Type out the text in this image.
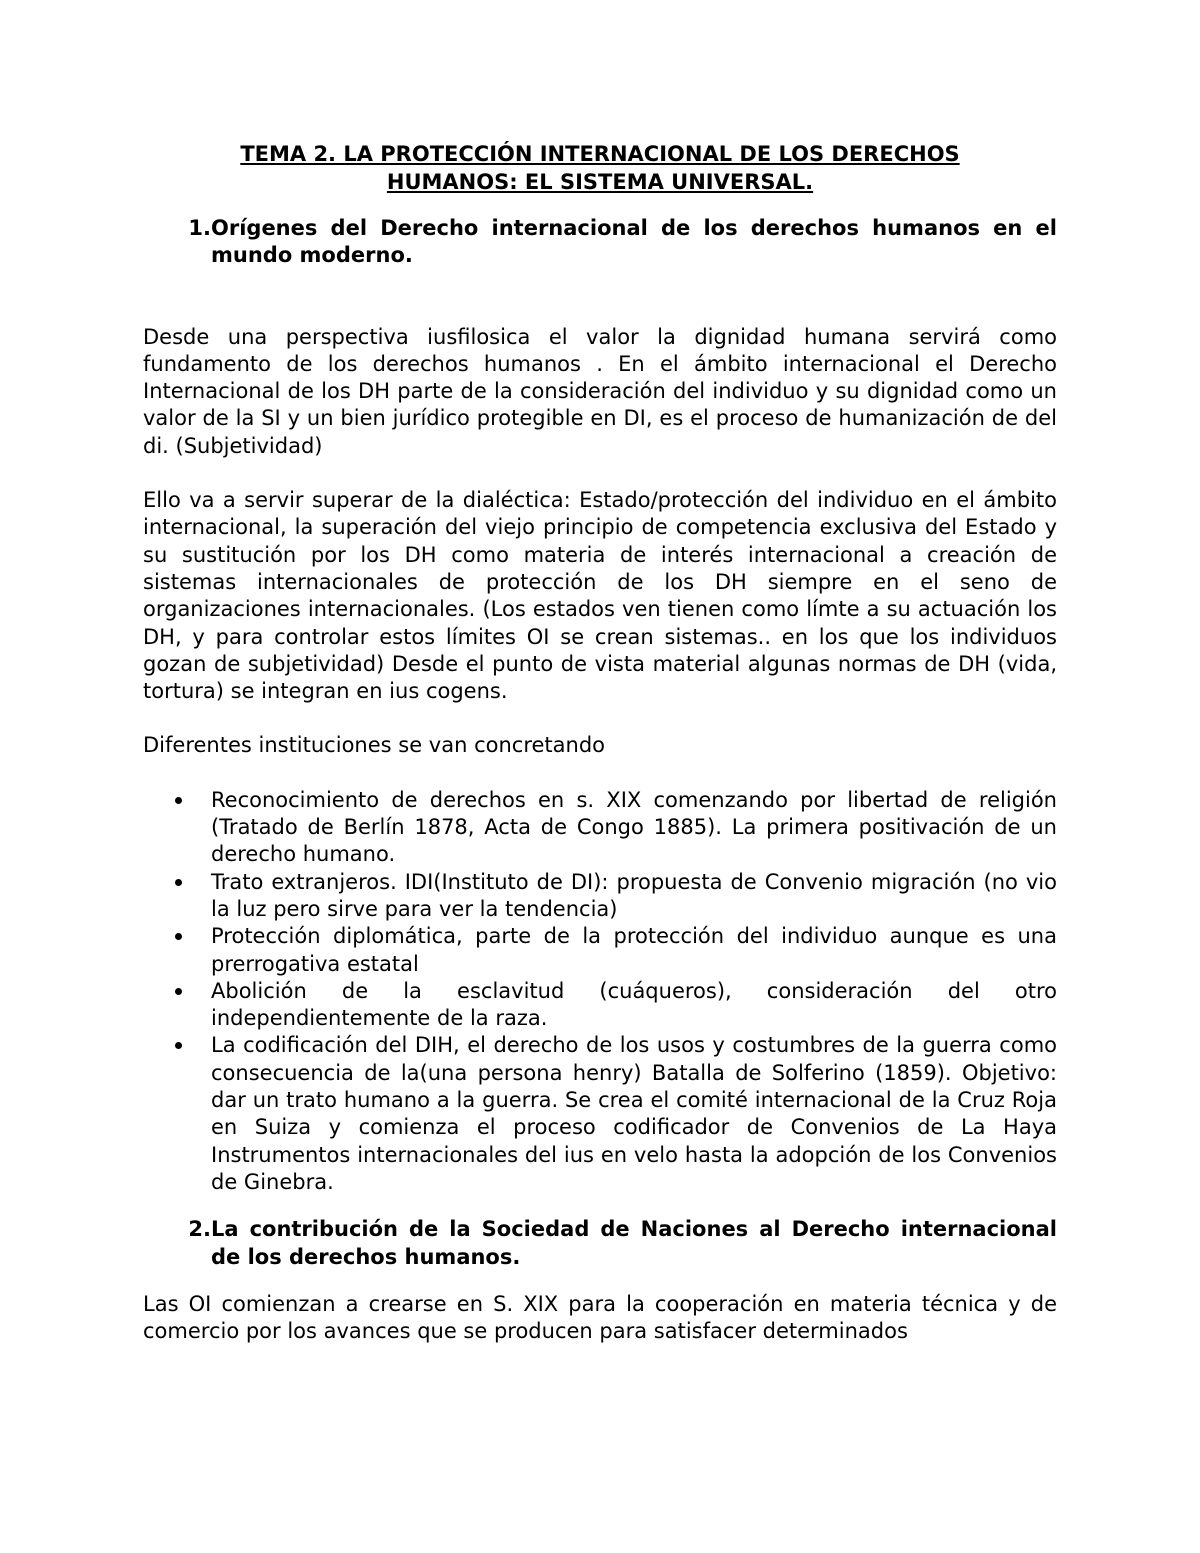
TEMA 2. LA PROTECCIÓN INTERNACIONAL DE LOS DERECHOS HUMANOS: EL SISTEMA UNIVERSAL.
1. Orígenes del Derecho internacional de los derechos humanos en el mundo moderno.

Desde una perspectiva iusfilosica el valor la dignidad humana servirá como fundamento de los derechos humanos . En el ámbito internacional el Derecho Internacional de los DH parte de la consideración del individuo y su dignidad como un valor de la SI y un bien jurídico protegible en DI, es el proceso de humanización de del di. (Subjetividad)

Ello va a servir superar de la dialéctica: Estado/protección del individuo en el ámbito internacional, la superación del viejo principio de competencia exclusiva del Estado y su sustitución por los DH como materia de interés internacional a creación de sistemas internacionales de protección de los DH siempre en el seno de organizaciones internacionales. (Los estados ven tienen como límte a su actuación los DH, y para controlar estos límites OI se crean sistemas.. en los que los individuos gozan de subjetividad) Desde el punto de vista material algunas normas de DH (vida, tortura) se integran en ius cogens.

Diferentes instituciones se van concretando

Reconocimiento de derechos en s. XIX comenzando por libertad de religión (Tratado de Berlín 1878, Acta de Congo 1885). La primera positivación de un derecho humano.
Trato extranjeros. IDI(Instituto de DI): propuesta de Convenio migración (no vio la luz pero sirve para ver la tendencia)
Protección diplomática, parte de la protección del individuo aunque es una prerrogativa estatal
Abolición de la esclavitud (cuáqueros), consideración del otro independientemente de la raza.
La codificación del DIH, el derecho de los usos y costumbres de la guerra como consecuencia de la(una persona henry) Batalla de Solferino (1859). Objetivo: dar un trato humano a la guerra. Se crea el comité internacional de la Cruz Roja en Suiza y comienza el proceso codificador de Convenios de La Haya Instrumentos internacionales del ius en velo hasta la adopción de los Convenios de Ginebra.
2. La contribución de la Sociedad de Naciones al Derecho internacional de los derechos humanos.

Las OI comienzan a crearse en S. XIX para la cooperación en materia técnica y de comercio por los avances que se producen para satisfacer determinados
